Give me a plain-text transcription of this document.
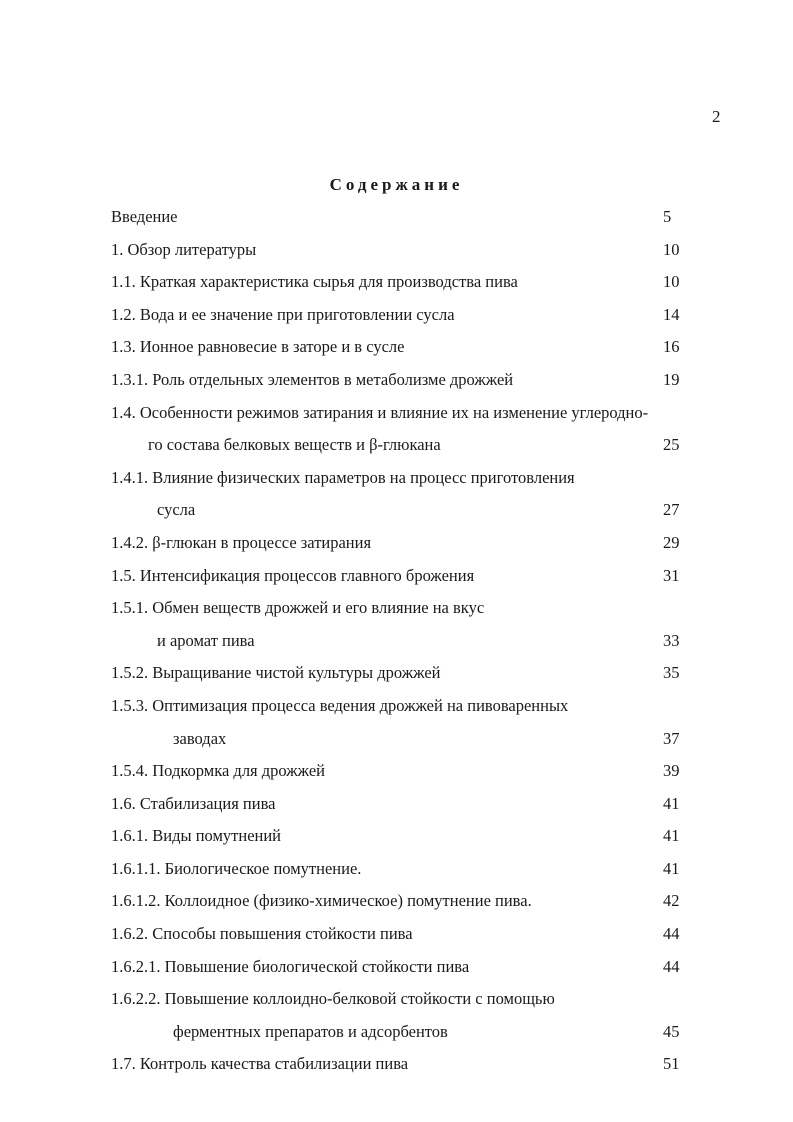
2
Содержание
Введение	5
1. Обзор литературы	10
1.1. Краткая характеристика сырья для производства пива	10
1.2. Вода и ее значение при приготовлении сусла	14
1.3. Ионное равновесие в заторе и в сусле	16
1.3.1. Роль отдельных элементов в метаболизме дрожжей	19
1.4. Особенности режимов затирания и влияние их на изменение углеродно-
го состава белковых веществ и β-глюкана	25
1.4.1. Влияние физических параметров на процесс приготовления
сусла	27
1.4.2. β-глюкан в процессе затирания	29
1.5. Интенсификация процессов главного брожения	31
1.5.1. Обмен веществ дрожжей и его влияние на вкус
и аромат пива	33
1.5.2. Выращивание чистой культуры дрожжей	35
1.5.3. Оптимизация процесса ведения дрожжей на пивоваренных
заводах	37
1.5.4. Подкормка для дрожжей	39
1.6. Стабилизация пива	41
1.6.1. Виды помутнений	41
1.6.1.1. Биологическое помутнение.	41
1.6.1.2. Коллоидное (физико-химическое) помутнение пива.	42
1.6.2. Способы повышения стойкости пива	44
1.6.2.1. Повышение биологической стойкости пива	44
1.6.2.2. Повышение коллоидно-белковой стойкости с помощью
ферментных препаратов и адсорбентов	45
1.7. Контроль качества стабилизации пива	51
